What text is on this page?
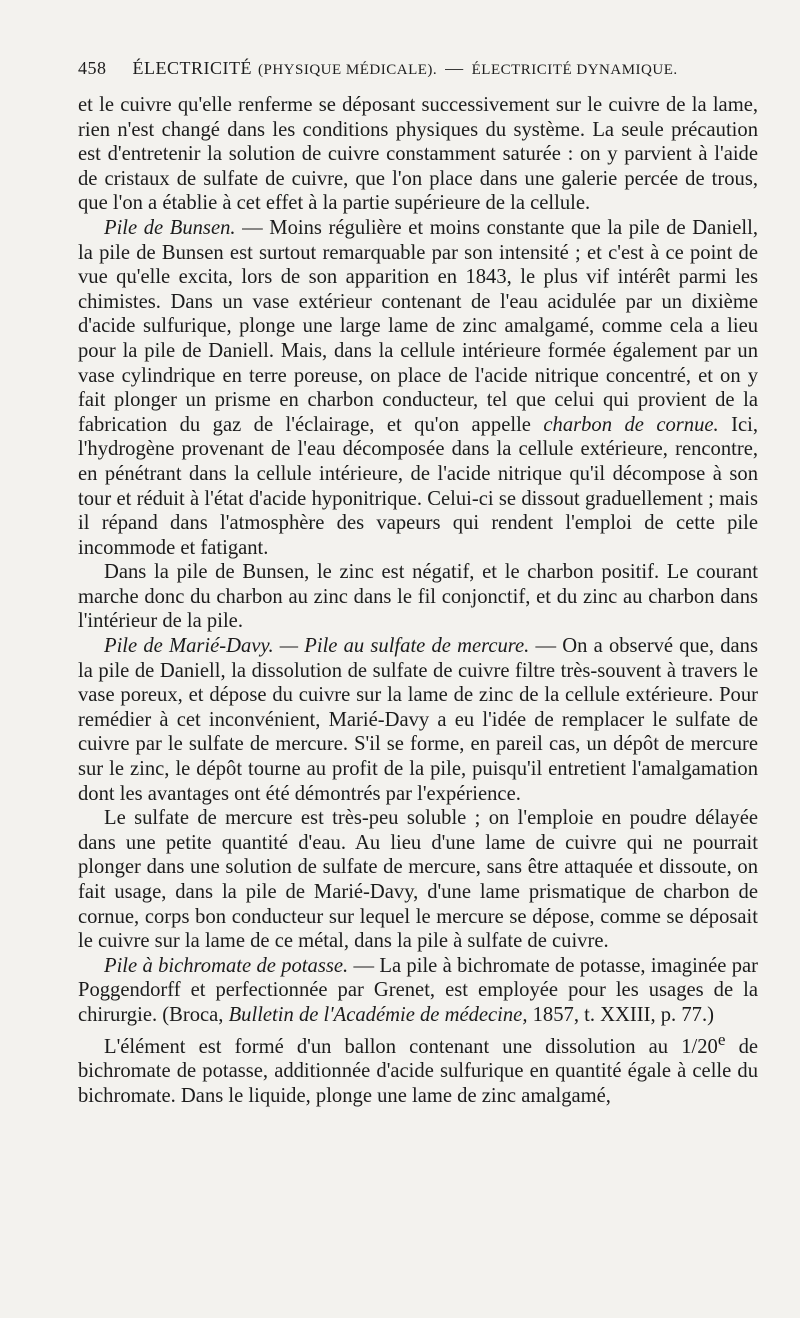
458 ÉLECTRICITÉ (PHYSIQUE MÉDICALE). — ÉLECTRICITÉ DYNAMIQUE.

et le cuivre qu'elle renferme se déposant successivement sur le cuivre de la lame, rien n'est changé dans les conditions physiques du système. La seule précaution est d'entretenir la solution de cuivre constamment saturée : on y parvient à l'aide de cristaux de sulfate de cuivre, que l'on place dans une galerie percée de trous, que l'on a établie à cet effet à la partie supérieure de la cellule.

Pile de Bunsen. — Moins régulière et moins constante que la pile de Daniell, la pile de Bunsen est surtout remarquable par son intensité ; et c'est à ce point de vue qu'elle excita, lors de son apparition en 1843, le plus vif intérêt parmi les chimistes. Dans un vase extérieur contenant de l'eau acidulée par un dixième d'acide sulfurique, plonge une large lame de zinc amalgamé, comme cela a lieu pour la pile de Daniell. Mais, dans la cellule intérieure formée également par un vase cylindrique en terre poreuse, on place de l'acide nitrique concentré, et on y fait plonger un prisme en charbon conducteur, tel que celui qui provient de la fabrication du gaz de l'éclairage, et qu'on appelle charbon de cornue. Ici, l'hydrogène provenant de l'eau décomposée dans la cellule extérieure, rencontre, en pénétrant dans la cellule intérieure, de l'acide nitrique qu'il décompose à son tour et réduit à l'état d'acide hyponitrique. Celui-ci se dissout graduellement ; mais il répand dans l'atmosphère des vapeurs qui rendent l'emploi de cette pile incommode et fatigant.

Dans la pile de Bunsen, le zinc est négatif, et le charbon positif. Le courant marche donc du charbon au zinc dans le fil conjonctif, et du zinc au charbon dans l'intérieur de la pile.

Pile de Marié-Davy. — Pile au sulfate de mercure. — On a observé que, dans la pile de Daniell, la dissolution de sulfate de cuivre filtre très-souvent à travers le vase poreux, et dépose du cuivre sur la lame de zinc de la cellule extérieure. Pour remédier à cet inconvénient, Marié-Davy a eu l'idée de remplacer le sulfate de cuivre par le sulfate de mercure. S'il se forme, en pareil cas, un dépôt de mercure sur le zinc, le dépôt tourne au profit de la pile, puisqu'il entretient l'amalgamation dont les avantages ont été démontrés par l'expérience.

Le sulfate de mercure est très-peu soluble ; on l'emploie en poudre délayée dans une petite quantité d'eau. Au lieu d'une lame de cuivre qui ne pourrait plonger dans une solution de sulfate de mercure, sans être attaquée et dissoute, on fait usage, dans la pile de Marié-Davy, d'une lame prismatique de charbon de cornue, corps bon conducteur sur lequel le mercure se dépose, comme se déposait le cuivre sur la lame de ce métal, dans la pile à sulfate de cuivre.

Pile à bichromate de potasse. — La pile à bichromate de potasse, imaginée par Poggendorff et perfectionnée par Grenet, est employée pour les usages de la chirurgie. (Broca, Bulletin de l'Académie de médecine, 1857, t. XXIII, p. 77.)

L'élément est formé d'un ballon contenant une dissolution au 1/20e de bichromate de potasse, additionnée d'acide sulfurique en quantité égale à celle du bichromate. Dans le liquide, plonge une lame de zinc amalgamé,
